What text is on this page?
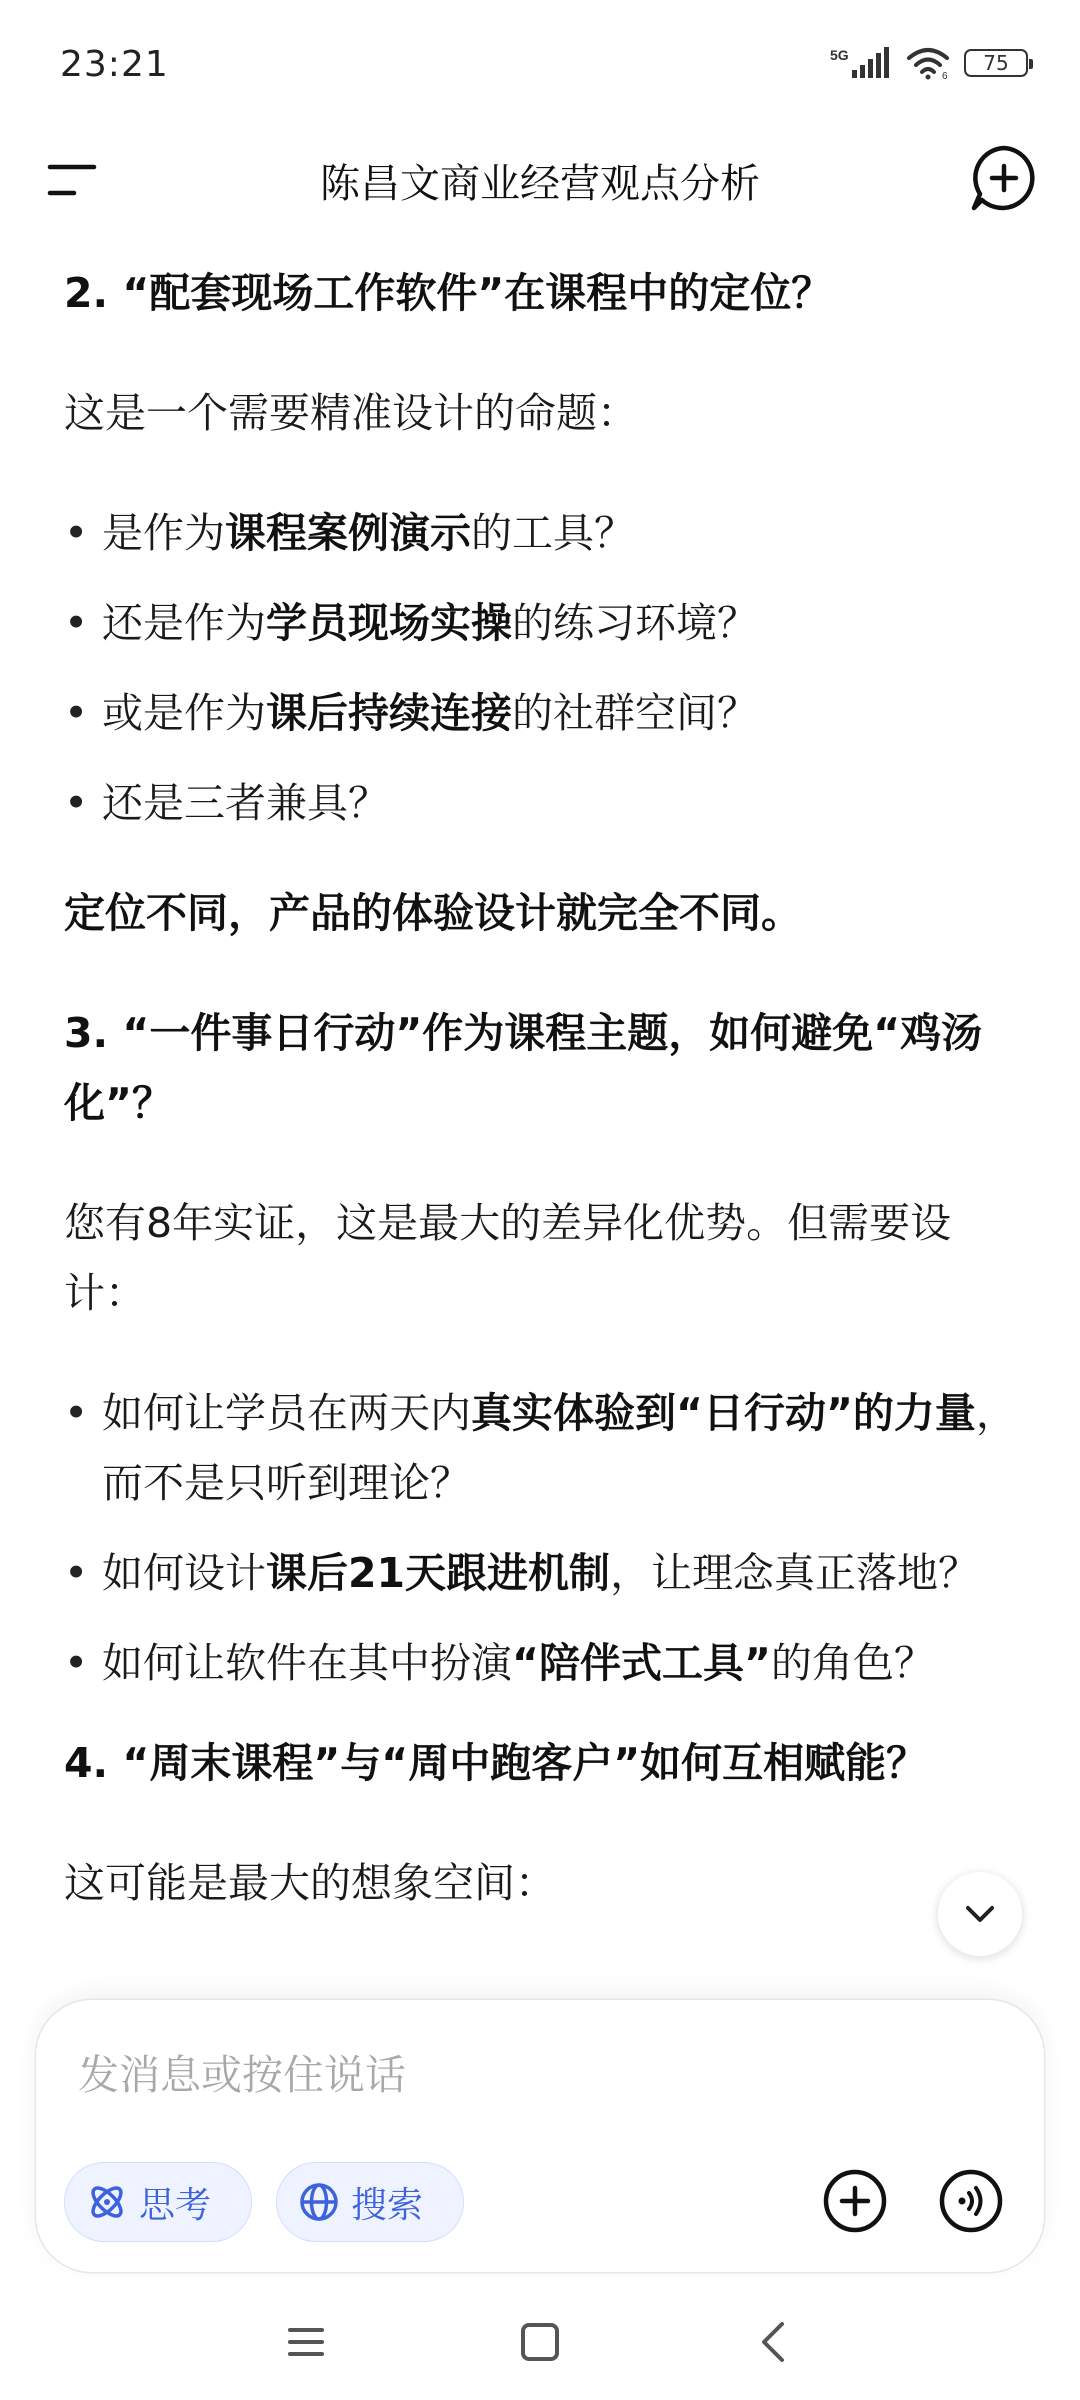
23:21	5G
6
75
陈昌文商业经营观点分析
2. “配套现场工作软件”在课程中的定位？
这是一个需要精准设计的命题：
• 是作为课程案例演示的工具？
• 还是作为学员现场实操的练习环境？
• 或是作为课后持续连接的社群空间？
• 还是三者兼具？
定位不同，产品的体验设计就完全不同。
3. “一件事日行动”作为课程主题，如何避免“鸡汤化”？
您有8年实证，这是最大的差异化优势。但需要设计：
• 如何让学员在两天内真实体验到“日行动”的力量，而不是只听到理论？
• 如何设计课后21天跟进机制，让理念真正落地？
• 如何让软件在其中扮演“陪伴式工具”的角色？
4. “周末课程”与“周中跑客户”如何互相赋能？
这可能是最大的想象空间：
发消息或按住说话
思考	搜索
